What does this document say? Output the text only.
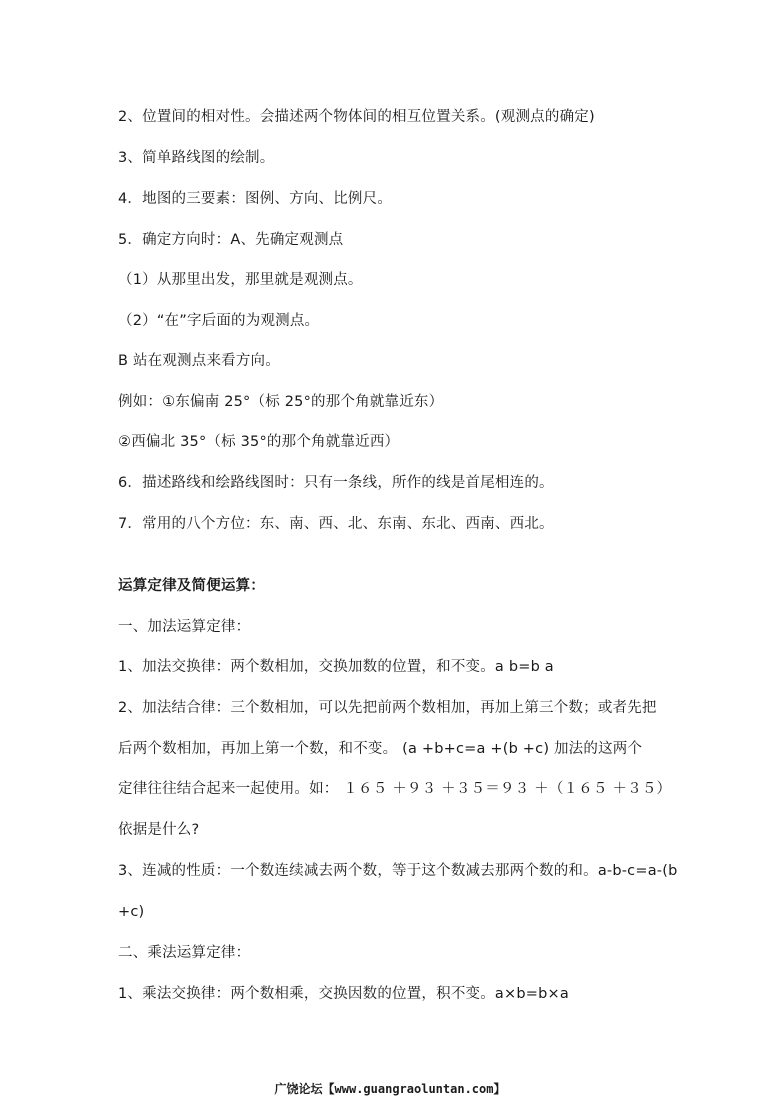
2、位置间的相对性。会描述两个物体间的相互位置关系。(观测点的确定)
3、简单路线图的绘制。
4．地图的三要素：图例、方向、比例尺。
5．确定方向时：A、先确定观测点
（1）从那里出发，那里就是观测点。
（2）“在”字后面的为观测点。
B 站在观测点来看方向。
例如：①东偏南 25°（标 25°的那个角就靠近东）
②西偏北 35°（标 35°的那个角就靠近西）
6．描述路线和绘路线图时：只有一条线，所作的线是首尾相连的。
7．常用的八个方位：东、南、西、北、东南、东北、西南、西北。
运算定律及简便运算：
一、加法运算定律：
1、加法交换律：两个数相加，交换加数的位置，和不变。a b=b a
2、加法结合律：三个数相加，可以先把前两个数相加，再加上第三个数；或者先把
后两个数相加，再加上第一个数，和不变。 (a +b+c=a +(b +c) 加法的这两个
定律往往结合起来一起使用。如： １６５ ＋９３ ＋３５＝９３ ＋（１６５ ＋３５）
依据是什么?
3、连减的性质：一个数连续减去两个数，等于这个数减去那两个数的和。a-b-c=a-(b
+c)
二、乘法运算定律：
1、乘法交换律：两个数相乘，交换因数的位置，积不变。a×b=b×a
广饶论坛【www.guangraoluntan.com】
